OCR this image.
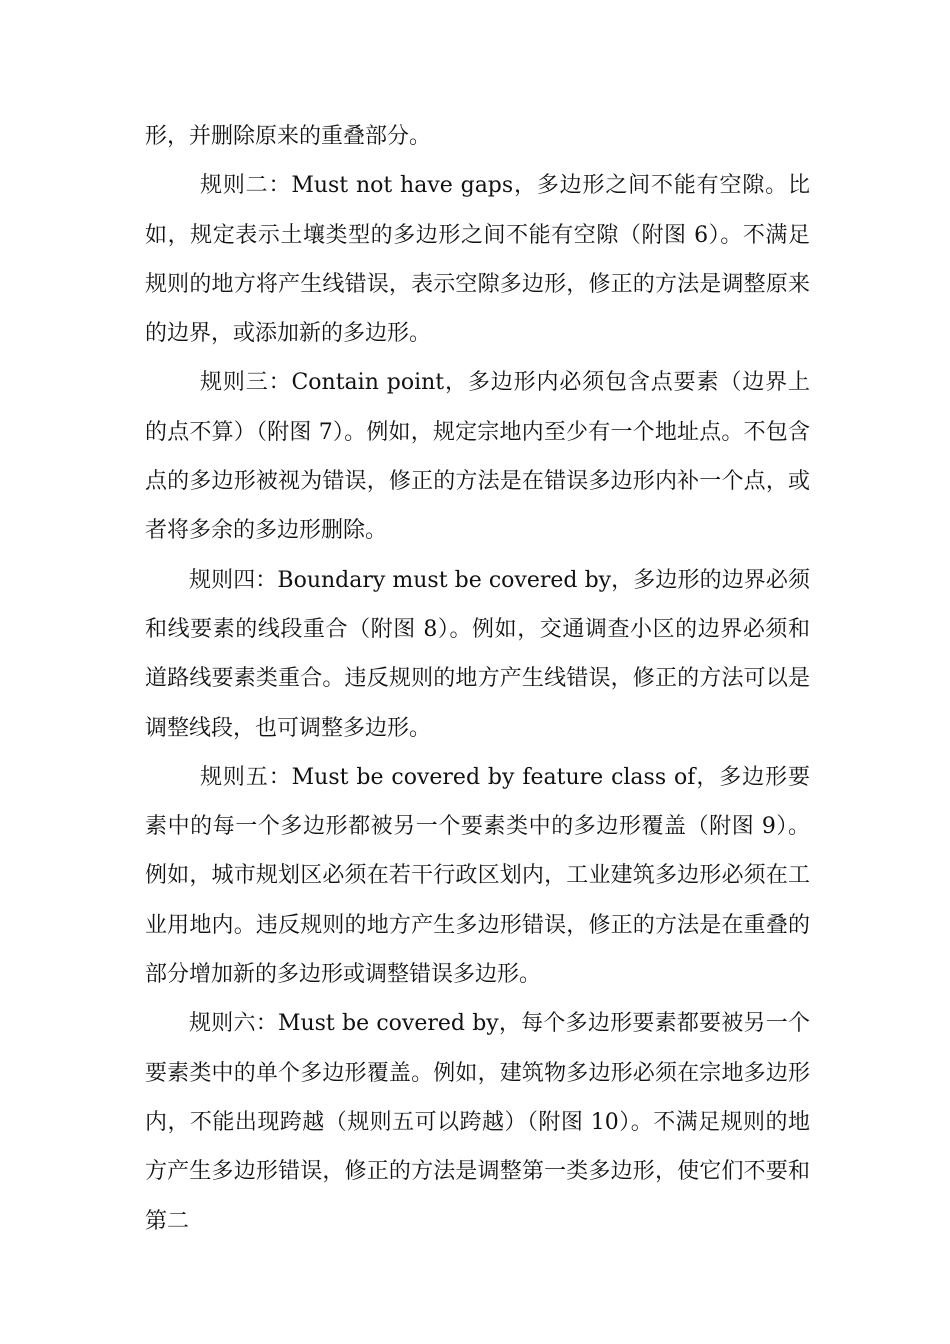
形，并删除原来的重叠部分。

规则二：Must not have gaps，多边形之间不能有空隙。比如，规定表示土壤类型的多边形之间不能有空隙（附图 6）。不满足规则的地方将产生线错误，表示空隙多边形，修正的方法是调整原来的边界，或添加新的多边形。

规则三：Contain point，多边形内必须包含点要素（边界上的点不算）（附图 7）。例如，规定宗地内至少有一个地址点。不包含点的多边形被视为错误，修正的方法是在错误多边形内补一个点，或者将多余的多边形删除。

规则四：Boundary must be covered by，多边形的边界必须和线要素的线段重合（附图 8）。例如，交通调查小区的边界必须和道路线要素类重合。违反规则的地方产生线错误，修正的方法可以是调整线段，也可调整多边形。

规则五：Must be covered by feature class of，多边形要素中的每一个多边形都被另一个要素类中的多边形覆盖（附图 9）。例如，城市规划区必须在若干行政区划内，工业建筑多边形必须在工业用地内。违反规则的地方产生多边形错误，修正的方法是在重叠的部分增加新的多边形或调整错误多边形。

规则六：Must be covered by，每个多边形要素都要被另一个要素类中的单个多边形覆盖。例如，建筑物多边形必须在宗地多边形内，不能出现跨越（规则五可以跨越）（附图 10）。不满足规则的地方产生多边形错误，修正的方法是调整第一类多边形，使它们不要和第二
